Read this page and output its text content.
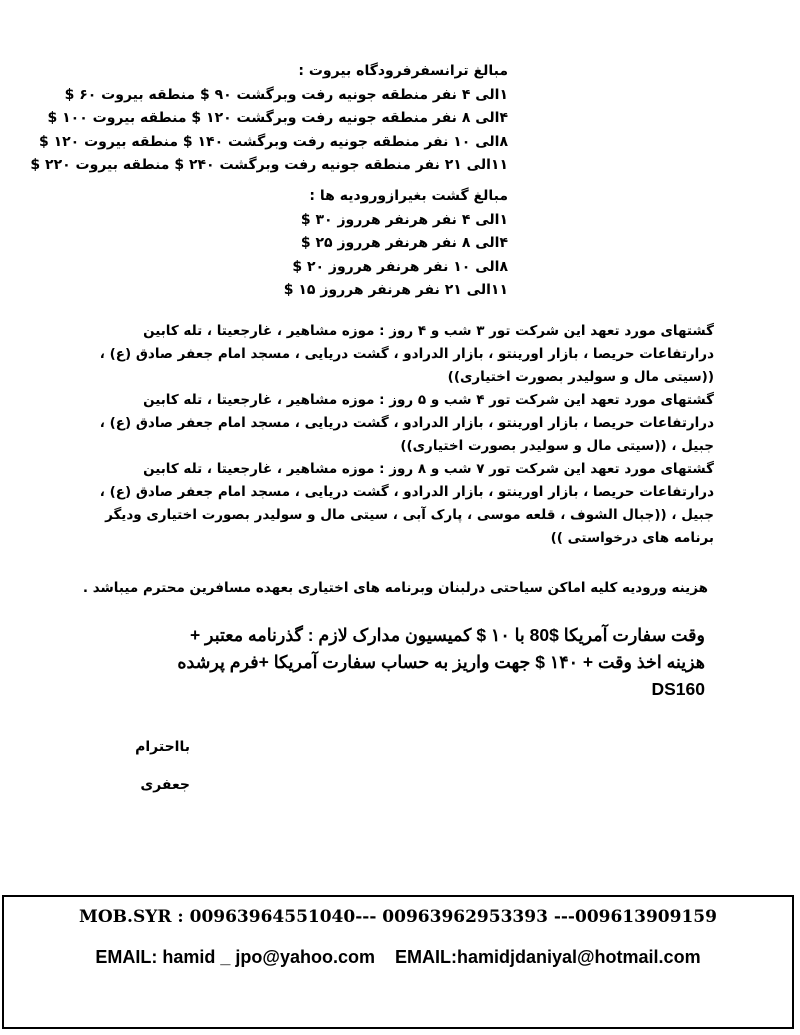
مبالغ ترانسفرفرودگاه بیروت :
۱الی ۴ نفر منطقه جونیه رفت وبرگشت ۹۰ $ منطقه بیروت ۶۰ $
۴الی ۸ نفر منطقه جونیه رفت وبرگشت ۱۲۰ $ منطقه بیروت ۱۰۰ $
۸الی ۱۰ نفر منطقه جونیه رفت وبرگشت ۱۴۰ $ منطقه بیروت ۱۲۰ $
۱۱الی ۲۱ نفر منطقه جونیه رفت وبرگشت ۲۴۰ $ منطقه بیروت ۲۲۰ $
مبالغ گشت بغیرازورودیه ها :
۱الی ۴ نفر هرنفر هرروز ۳۰ $
۴الی ۸ نفر هرنفر هرروز ۲۵ $
۸الی ۱۰ نفر هرنفر هرروز ۲۰ $
۱۱الی ۲۱ نفر هرنفر هرروز ۱۵ $
گشتهای مورد تعهد این شرکت تور ۳ شب و ۴ روز : موزه مشاهیر ، غارجعیتا ، تله کابین
درارتفاعات حریصا ، بازار اورینتو ، بازار الدرادو ، گشت دریایی ، مسجد امام جعفر صادق (ع) ،
((سیتی مال و سولیدر بصورت اختیاری))
گشتهای مورد تعهد این شرکت تور ۴ شب و ۵ روز : موزه مشاهیر ، غارجعیتا ، تله کابین
درارتفاعات حریصا ، بازار اورینتو ، بازار الدرادو ، گشت دریایی ، مسجد امام جعفر صادق (ع) ،
جبیل ، ((سیتی مال و سولیدر بصورت اختیاری))
گشتهای مورد تعهد این شرکت تور ۷ شب و ۸ روز : موزه مشاهیر ، غارجعیتا ، تله کابین
درارتفاعات حریصا ، بازار اورینتو ، بازار الدرادو ، گشت دریایی ، مسجد امام جعفر صادق (ع) ،
جبیل ، ((جبال الشوف ، قلعه موسی ، پارک آبی ، سیتی مال و سولیدر بصورت اختیاری ودیگر
برنامه های درخواستی ))
هزینه ورودیه کلیه اماکن سیاحتی درلبنان وبرنامه های اختیاری بعهده مسافرین محترم میباشد .
وقت سفارت آمریکا $80 با ۱۰ $ کمیسیون مدارک لازم : گذرنامه معتبر +
هزینه اخذ وقت + ۱۴۰ $ جهت واریز به حساب سفارت آمریکا +فرم پرشده
DS160
بااحترام
جعفری
MOB.SYR : 00963964551040--- 00963962953393 ---009613909159
EMAIL: hamid _ jpo@yahoo.com    EMAIL:hamidjdaniyal@hotmail.com
